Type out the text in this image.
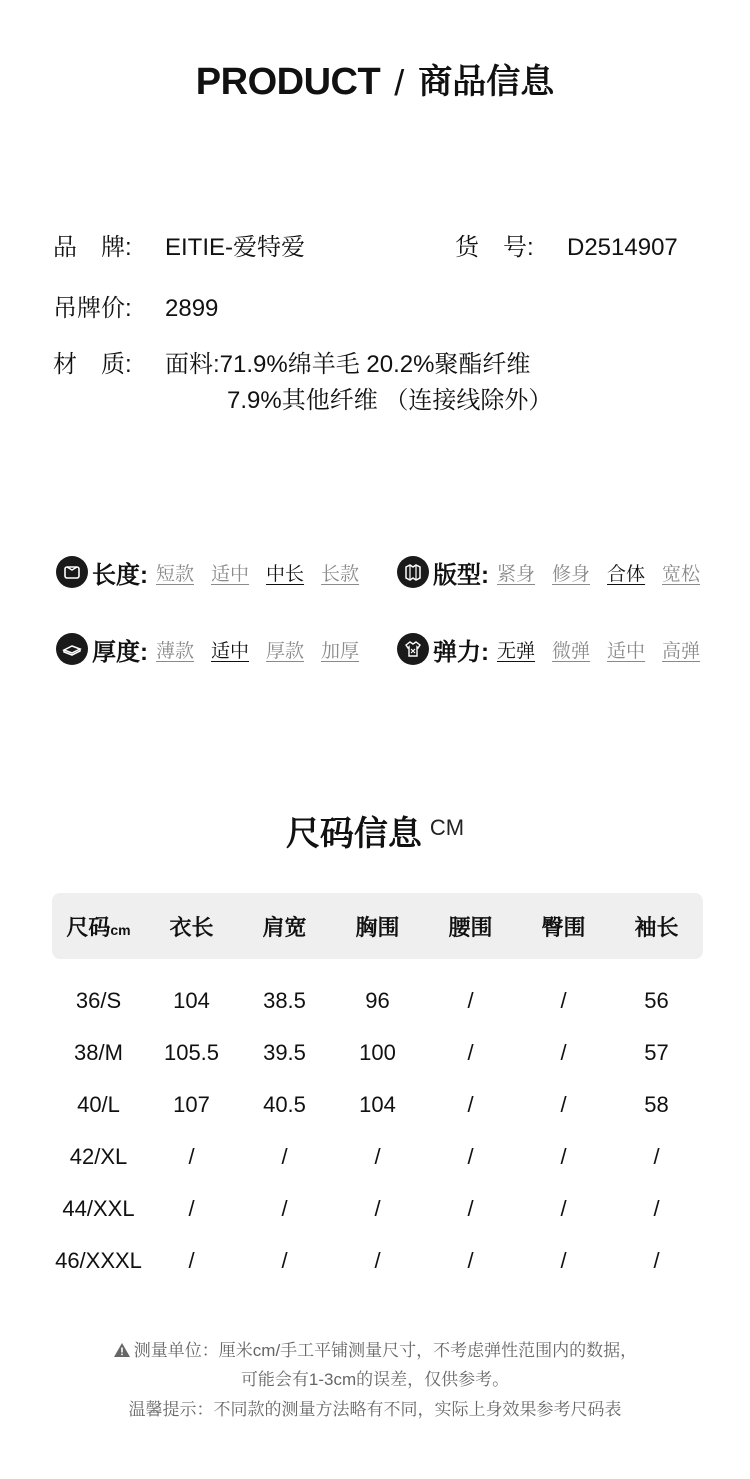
PRODUCT / 商品信息
品　牌: EITIE-爱特爱	货　号: D2514907
吊牌价: 2899
材　质: 面料:71.9%绵羊毛 20.2%聚酯纤维
7.9%其他纤维 （连接线除外）
长度: 短款 适中 中长 长款	版型: 紧身 修身 合体 宽松
厚度: 薄款 适中 厚款 加厚	弹力: 无弹 微弹 适中 高弹
尺码信息 CM
尺码cm	衣长	肩宽	胸围	腰围	臀围	袖长
36/S	104	38.5	96	/	/	56
38/M	105.5	39.5	100	/	/	57
40/L	107	40.5	104	/	/	58
42/XL	/	/	/	/	/	/
44/XXL	/	/	/	/	/	/
46/XXXL	/	/	/	/	/	/
测量单位：厘米cm/手工平铺测量尺寸，不考虑弹性范围内的数据，
可能会有1-3cm的误差，仅供参考。
温馨提示：不同款的测量方法略有不同，实际上身效果参考尺码表
